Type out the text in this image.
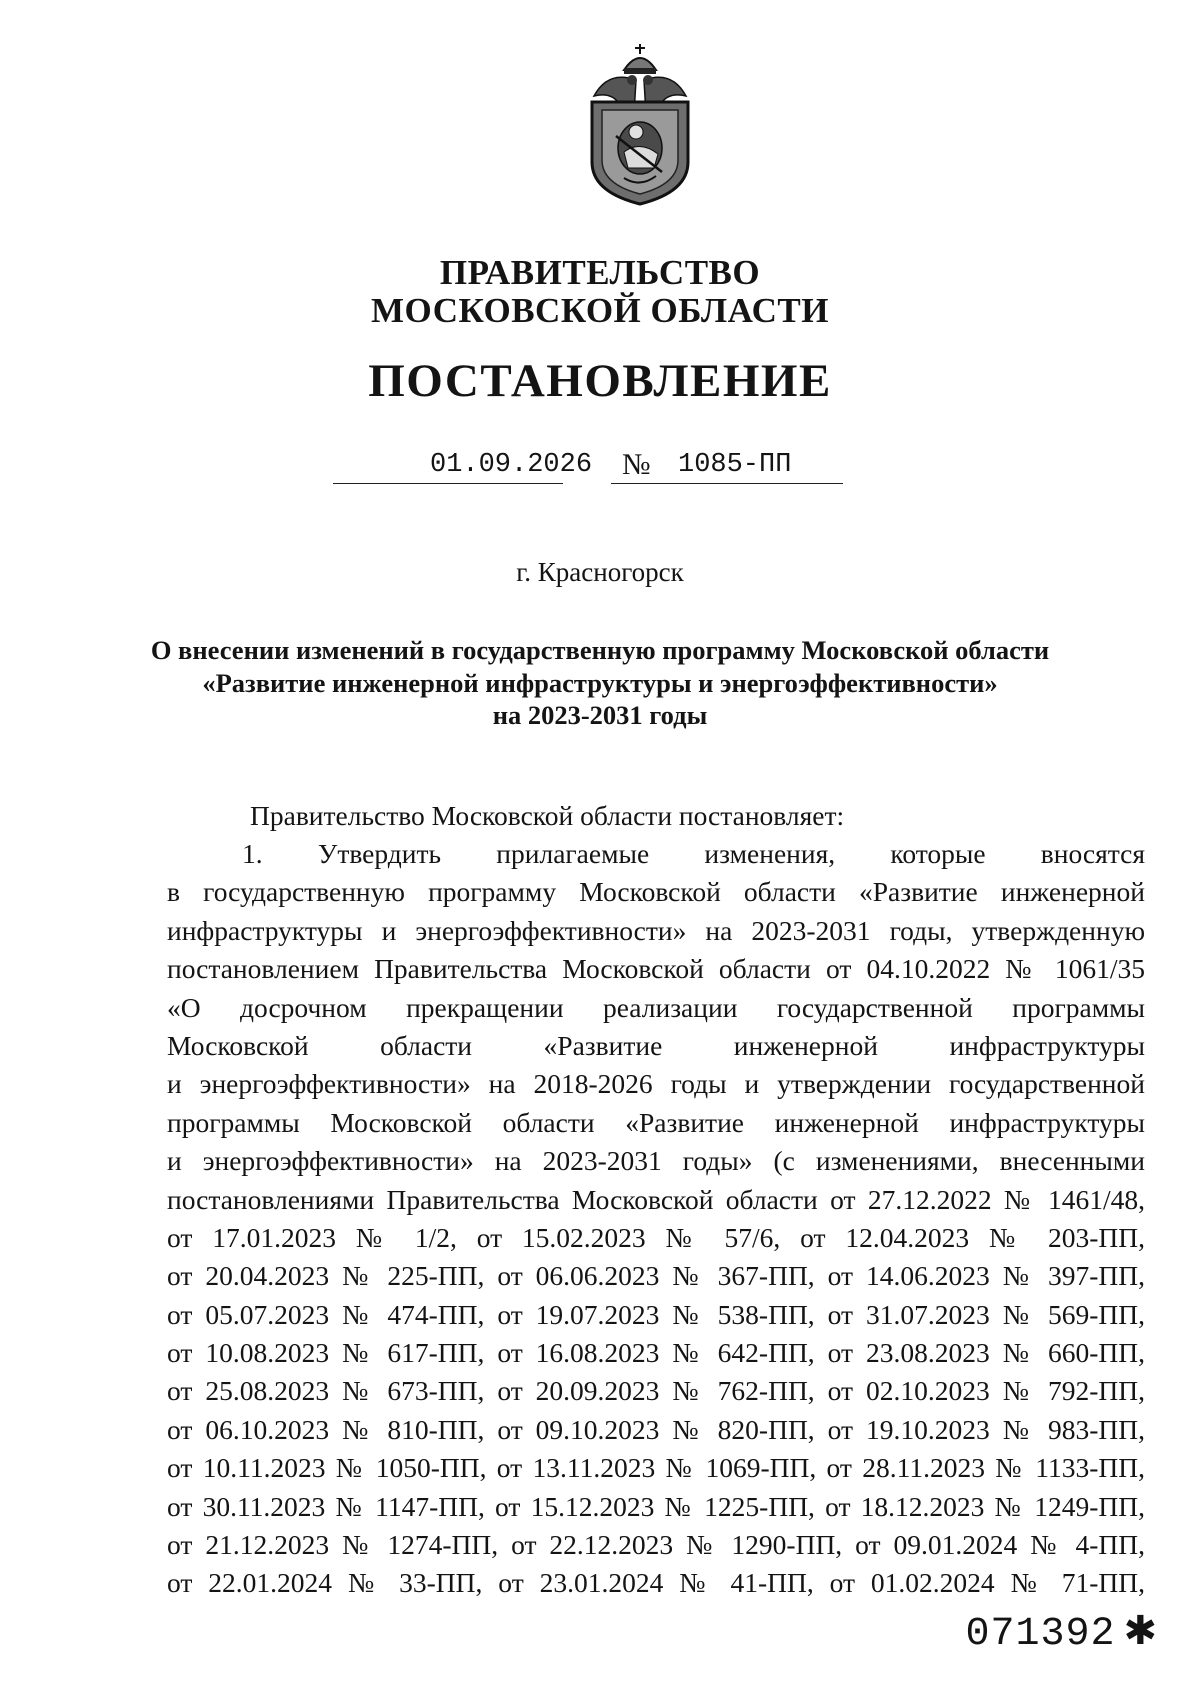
ПРАВИТЕЛЬСТВО
МОСКОВСКОЙ ОБЛАСТИ
ПОСТАНОВЛЕНИЕ
01.09.2026 № 1085-ПП
г. Красногорск
О внесении изменений в государственную программу Московской области
«Развитие инженерной инфраструктуры и энергоэффективности»
на 2023-2031 годы
Правительство Московской области постановляет:
1. Утвердить прилагаемые изменения, которые вносятся
в государственную программу Московской области «Развитие инженерной
инфраструктуры и энергоэффективности» на 2023-2031 годы, утвержденную
постановлением Правительства Московской области от 04.10.2022 № 1061/35
«О досрочном прекращении реализации государственной программы
Московской области «Развитие инженерной инфраструктуры
и энергоэффективности» на 2018-2026 годы и утверждении государственной
программы Московской области «Развитие инженерной инфраструктуры
и энергоэффективности» на 2023-2031 годы» (с изменениями, внесенными
постановлениями Правительства Московской области от 27.12.2022 № 1461/48,
от 17.01.2023 № 1/2, от 15.02.2023 № 57/6, от 12.04.2023 № 203-ПП,
от 20.04.2023 № 225-ПП, от 06.06.2023 № 367-ПП, от 14.06.2023 № 397-ПП,
от 05.07.2023 № 474-ПП, от 19.07.2023 № 538-ПП, от 31.07.2023 № 569-ПП,
от 10.08.2023 № 617-ПП, от 16.08.2023 № 642-ПП, от 23.08.2023 № 660-ПП,
от 25.08.2023 № 673-ПП, от 20.09.2023 № 762-ПП, от 02.10.2023 № 792-ПП,
от 06.10.2023 № 810-ПП, от 09.10.2023 № 820-ПП, от 19.10.2023 № 983-ПП,
от 10.11.2023 № 1050-ПП, от 13.11.2023 № 1069-ПП, от 28.11.2023 № 1133-ПП,
от 30.11.2023 № 1147-ПП, от 15.12.2023 № 1225-ПП, от 18.12.2023 № 1249-ПП,
от 21.12.2023 № 1274-ПП, от 22.12.2023 № 1290-ПП, от 09.01.2024 № 4-ПП,
от 22.01.2024 № 33-ПП, от 23.01.2024 № 41-ПП, от 01.02.2024 № 71-ПП,
071392 ✱
